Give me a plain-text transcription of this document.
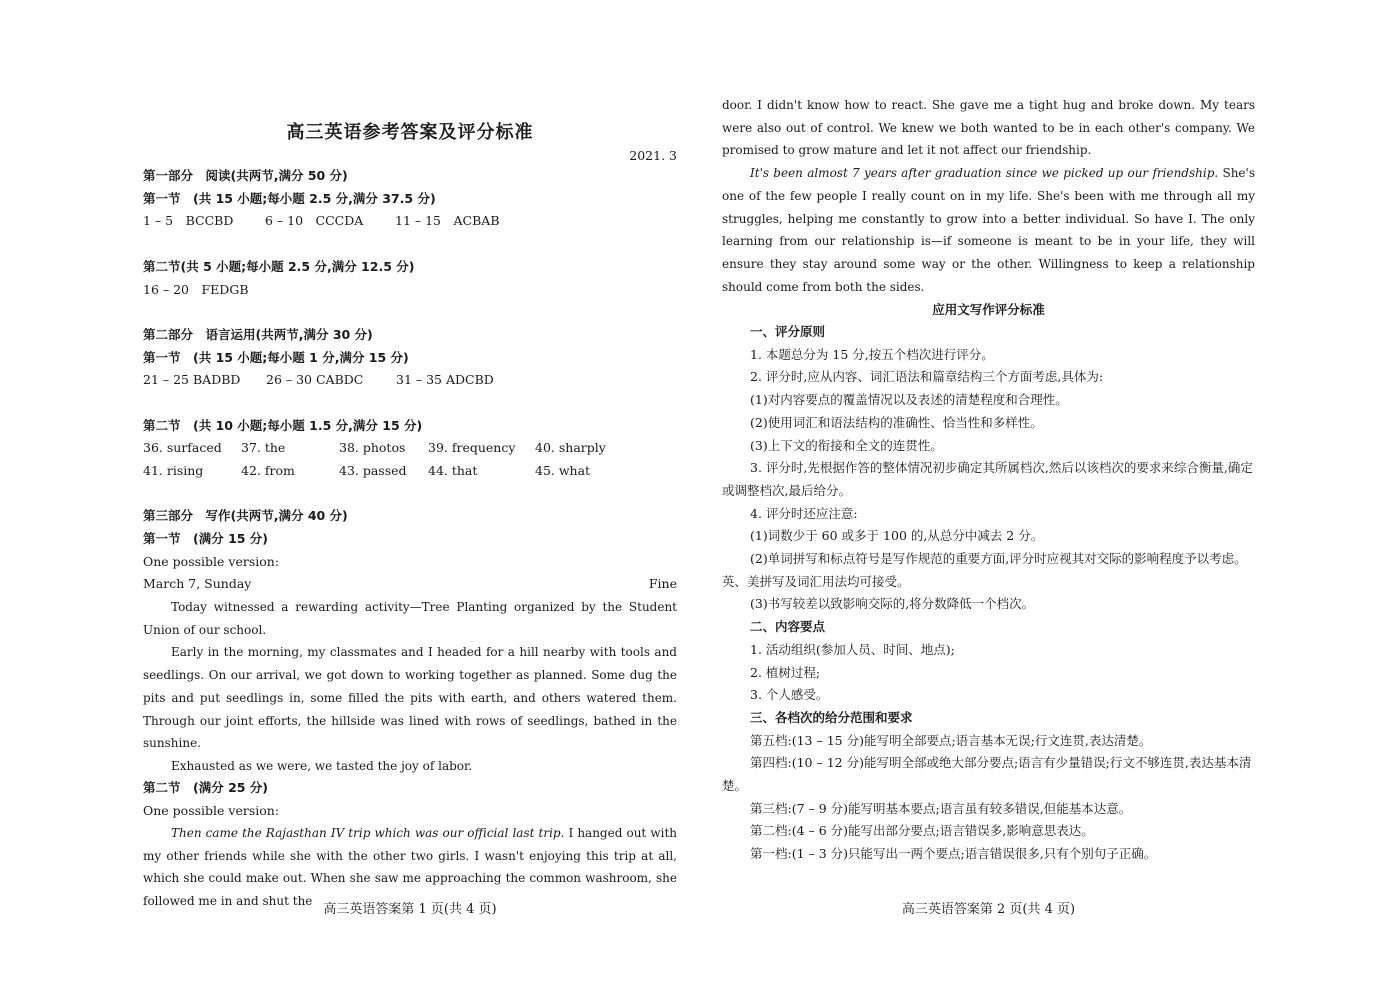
高三英语参考答案及评分标准
2021. 3
第一部分　阅读(共两节,满分 50 分)
第一节　(共 15 小题;每小题 2.5 分,满分 37.5 分)
1 – 5　BCCBD	6 – 10　CCCDA	11 – 15　ACBAB
第二节(共 5 小题;每小题 2.5 分,满分 12.5 分)
16 – 20　FEDGB
第二部分　语言运用(共两节,满分 30 分)
第一节　(共 15 小题;每小题 1 分,满分 15 分)
21 – 25 BADBD 26 – 30 CABDC	31 – 35 ADCBD
第二节　(共 10 小题;每小题 1.5 分,满分 15 分)
36. surfaced 37. the	38. photos 39. frequency 40. sharply
41. rising	42. from	43. passed 44. that	45. what
第三部分　写作(共两节,满分 40 分)
第一节　(满分 15 分)
One possible version:
March 7, Sunday	Fine

Today witnessed a rewarding activity—Tree Planting organized by the Student Union of our school.

Early in the morning, my classmates and I headed for a hill nearby with tools and seedlings. On our arrival, we got down to working together as planned. Some dug the pits and put seedlings in, some filled the pits with earth, and others watered them. Through our joint efforts, the hillside was lined with rows of seedlings, bathed in the sunshine.

Exhausted as we were, we tasted the joy of labor.

第二节　(满分 25 分)
One possible version:

Then came the Rajasthan IV trip which was our official last trip. I hanged out with my other friends while she with the other two girls. I wasn't enjoying this trip at all, which she could make out. When she saw me approaching the common washroom, she followed me in and shut the

高三英语答案第 1 页(共 4 页)

door. I didn't know how to react. She gave me a tight hug and broke down. My tears were also out of control. We knew we both wanted to be in each other's company. We promised to grow mature and let it not affect our friendship.

It's been almost 7 years after graduation since we picked up our friendship. She's one of the few people I really count on in my life. She's been with me through all my struggles, helping me constantly to grow into a better individual. So have I. The only learning from our relationship is—if someone is meant to be in your life, they will ensure they stay around some way or the other. Willingness to keep a relationship should come from both the sides.

应用文写作评分标准

一、评分原则

1. 本题总分为 15 分,按五个档次进行评分。

2. 评分时,应从内容、词汇语法和篇章结构三个方面考虑,具体为:

(1)对内容要点的覆盖情况以及表述的清楚程度和合理性。

(2)使用词汇和语法结构的准确性、恰当性和多样性。

(3)上下文的衔接和全文的连贯性。

3. 评分时,先根据作答的整体情况初步确定其所属档次,然后以该档次的要求来综合衡量,确定或调整档次,最后给分。

4. 评分时还应注意:

(1)词数少于 60 或多于 100 的,从总分中减去 2 分。

(2)单词拼写和标点符号是写作规范的重要方面,评分时应视其对交际的影响程度予以考虑。英、美拼写及词汇用法均可接受。

(3)书写较差以致影响交际的,将分数降低一个档次。

二、内容要点

1. 活动组织(参加人员、时间、地点);

2. 植树过程;

3. 个人感受。

三、各档次的给分范围和要求

第五档:(13 – 15 分)能写明全部要点;语言基本无误;行文连贯,表达清楚。

第四档:(10 – 12 分)能写明全部或绝大部分要点;语言有少量错误;行文不够连贯,表达基本清楚。

第三档:(7 – 9 分)能写明基本要点;语言虽有较多错误,但能基本达意。

第二档:(4 – 6 分)能写出部分要点;语言错误多,影响意思表达。

第一档:(1 – 3 分)只能写出一两个要点;语言错误很多,只有个别句子正确。

高三英语答案第 2 页(共 4 页)
